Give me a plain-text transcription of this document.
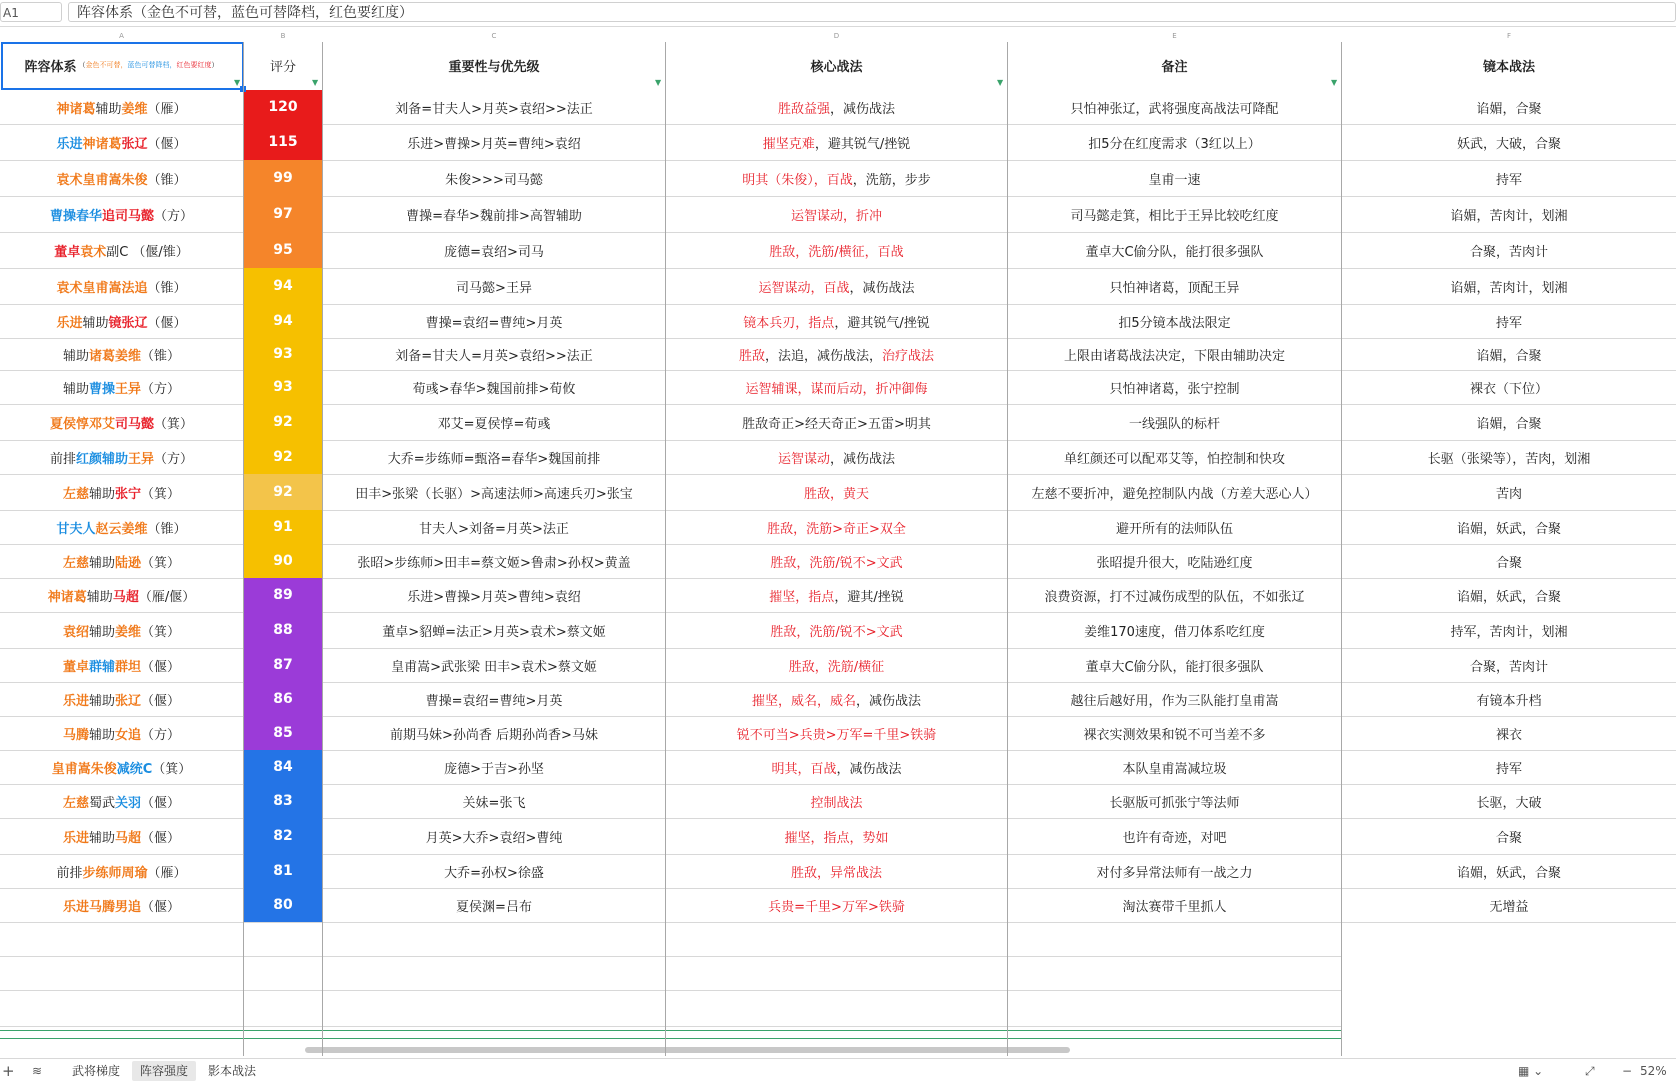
A1	阵容体系（金色不可替，蓝色可替降档，红色要红度）
A	B	C	D	E	F
阵容体系 （金色不可替，蓝色可替降档，红色要红度）	评分	重要性与优先级	核心战法	备注	镜本战法
神诸葛 辅助 姜维 （雁）	120	刘备=甘夫人>月英>袁绍>>法正	胜敌益强 ，减伤战法	只怕神张辽，武将强度高战法可降配	谄媚，合聚
乐进 神诸葛 张辽 （偃）	115	乐进>曹操>月英=曹纯>袁绍	摧坚克难 ，避其锐气/挫锐	扣5分在红度需求（3红以上）	妖武，大破，合聚
袁术 皇甫嵩 朱俊 （锥）	99	朱俊>>>司马懿	明其（朱俊），百战 ，洗筋，步步	皇甫一速	持军
曹操 春华 追司马懿 （方）	97	曹操=春华>魏前排>高智辅助	运智谋动，折冲	司马懿走箕，相比于王异比较吃红度	谄媚，苦肉计，划湘
董卓 袁术 副C （偃/锥）	95	庞德=袁绍>司马	胜敌，洗筋/横征，百战	董卓大C偷分队，能打很多强队	合聚，苦肉计
袁术 皇甫嵩 法追 （锥）	94	司马懿>王异	运智谋动，百战 ，减伤战法	只怕神诸葛，顶配王异	谄媚，苦肉计，划湘
乐进 辅助 镜张辽 （偃）	94	曹操=袁绍=曹纯>月英	镜本兵刃，指点 ，避其锐气/挫锐	扣5分镜本战法限定	持军
辅助 诸葛 姜维 （锥）	93	刘备=甘夫人=月英>袁绍>>法正	胜敌 ，法追，减伤战法， 治疗战法	上限由诸葛战法决定，下限由辅助决定	谄媚，合聚
辅助 曹操 王异 （方）	93	荀彧>春华>魏国前排>荀攸	运智辅课，谋而后动，折冲御侮	只怕神诸葛，张宁控制	裸衣（下位）
夏侯惇 邓艾 司马懿 （箕）	92	邓艾=夏侯惇=荀彧	胜敌奇正>经天奇正>五雷>明其	一线强队的标杆	谄媚，合聚
前排 红颜辅助 王异 （方）	92	大乔=步练师=甄洛=春华>魏国前排	运智谋动 ，减伤战法	单红颜还可以配邓艾等，怕控制和快攻	长驱（张梁等），苦肉，划湘
左慈 辅助 张宁 （箕）	92	田丰>张梁（长驱）>高速法师>高速兵刃>张宝	胜敌，黄天	左慈不要折冲，避免控制队内战（方差大恶心人）	苦肉
甘夫人 赵云 姜维 （锥）	91	甘夫人>刘备=月英>法正	胜敌，洗筋>奇正>双全	避开所有的法师队伍	谄媚，妖武，合聚
左慈 辅助 陆逊 （箕）	90	张昭>步练师>田丰=蔡文姬>鲁肃>孙权>黄盖	胜敌，洗筋/锐不>文武	张昭提升很大，吃陆逊红度	合聚
神诸葛 辅助 马超 （雁/偃）	89	乐进>曹操>月英>曹纯>袁绍	摧坚，指点 ，避其/挫锐	浪费资源，打不过减伤成型的队伍，不如张辽	谄媚，妖武，合聚
袁绍 辅助 姜维 （箕）	88	董卓>貂蝉=法正>月英>袁术>蔡文姬	胜敌，洗筋/锐不>文武	姜维170速度，借刀体系吃红度	持军，苦肉计，划湘
董卓 群辅 群坦 （偃）	87	皇甫嵩>武张梁 田丰>袁术>蔡文姬	胜敌，洗筋/横征	董卓大C偷分队，能打很多强队	合聚，苦肉计
乐进 辅助 张辽 （偃）	86	曹操=袁绍=曹纯>月英	摧坚，威名，威名 ，减伤战法	越往后越好用，作为三队能打皇甫嵩	有镜本升档
马腾 辅助 女追 （方）	85	前期马妹>孙尚香 后期孙尚香>马妹	锐不可当>兵贵>万军=千里>铁骑	裸衣实测效果和锐不可当差不多	裸衣
皇甫嵩 朱俊 减统C （箕）	84	庞德>于吉>孙坚	明其，百战 ，减伤战法	本队皇甫嵩减垃圾	持军
左慈 蜀武 关羽 （偃）	83	关妹=张飞	控制战法	长驱版可抓张宁等法师	长驱，大破
乐进 辅助 马超 （偃）	82	月英>大乔>袁绍>曹纯	摧坚，指点，势如	也许有奇迹，对吧	合聚
前排 步练师 周瑜 （雁）	81	大乔=孙权>徐盛	胜敌，异常战法	对付多异常法师有一战之力	谄媚，妖武，合聚
乐进 马腾 男追 （偃）	80	夏侯渊=吕布	兵贵=千里>万军>铁骑	淘汰赛带千里抓人	无增益
▼	▼	▼	▼	▼
+ ≋	武将梯度	阵容强度	影本战法	▦ ⌄	⤢ − 52%
